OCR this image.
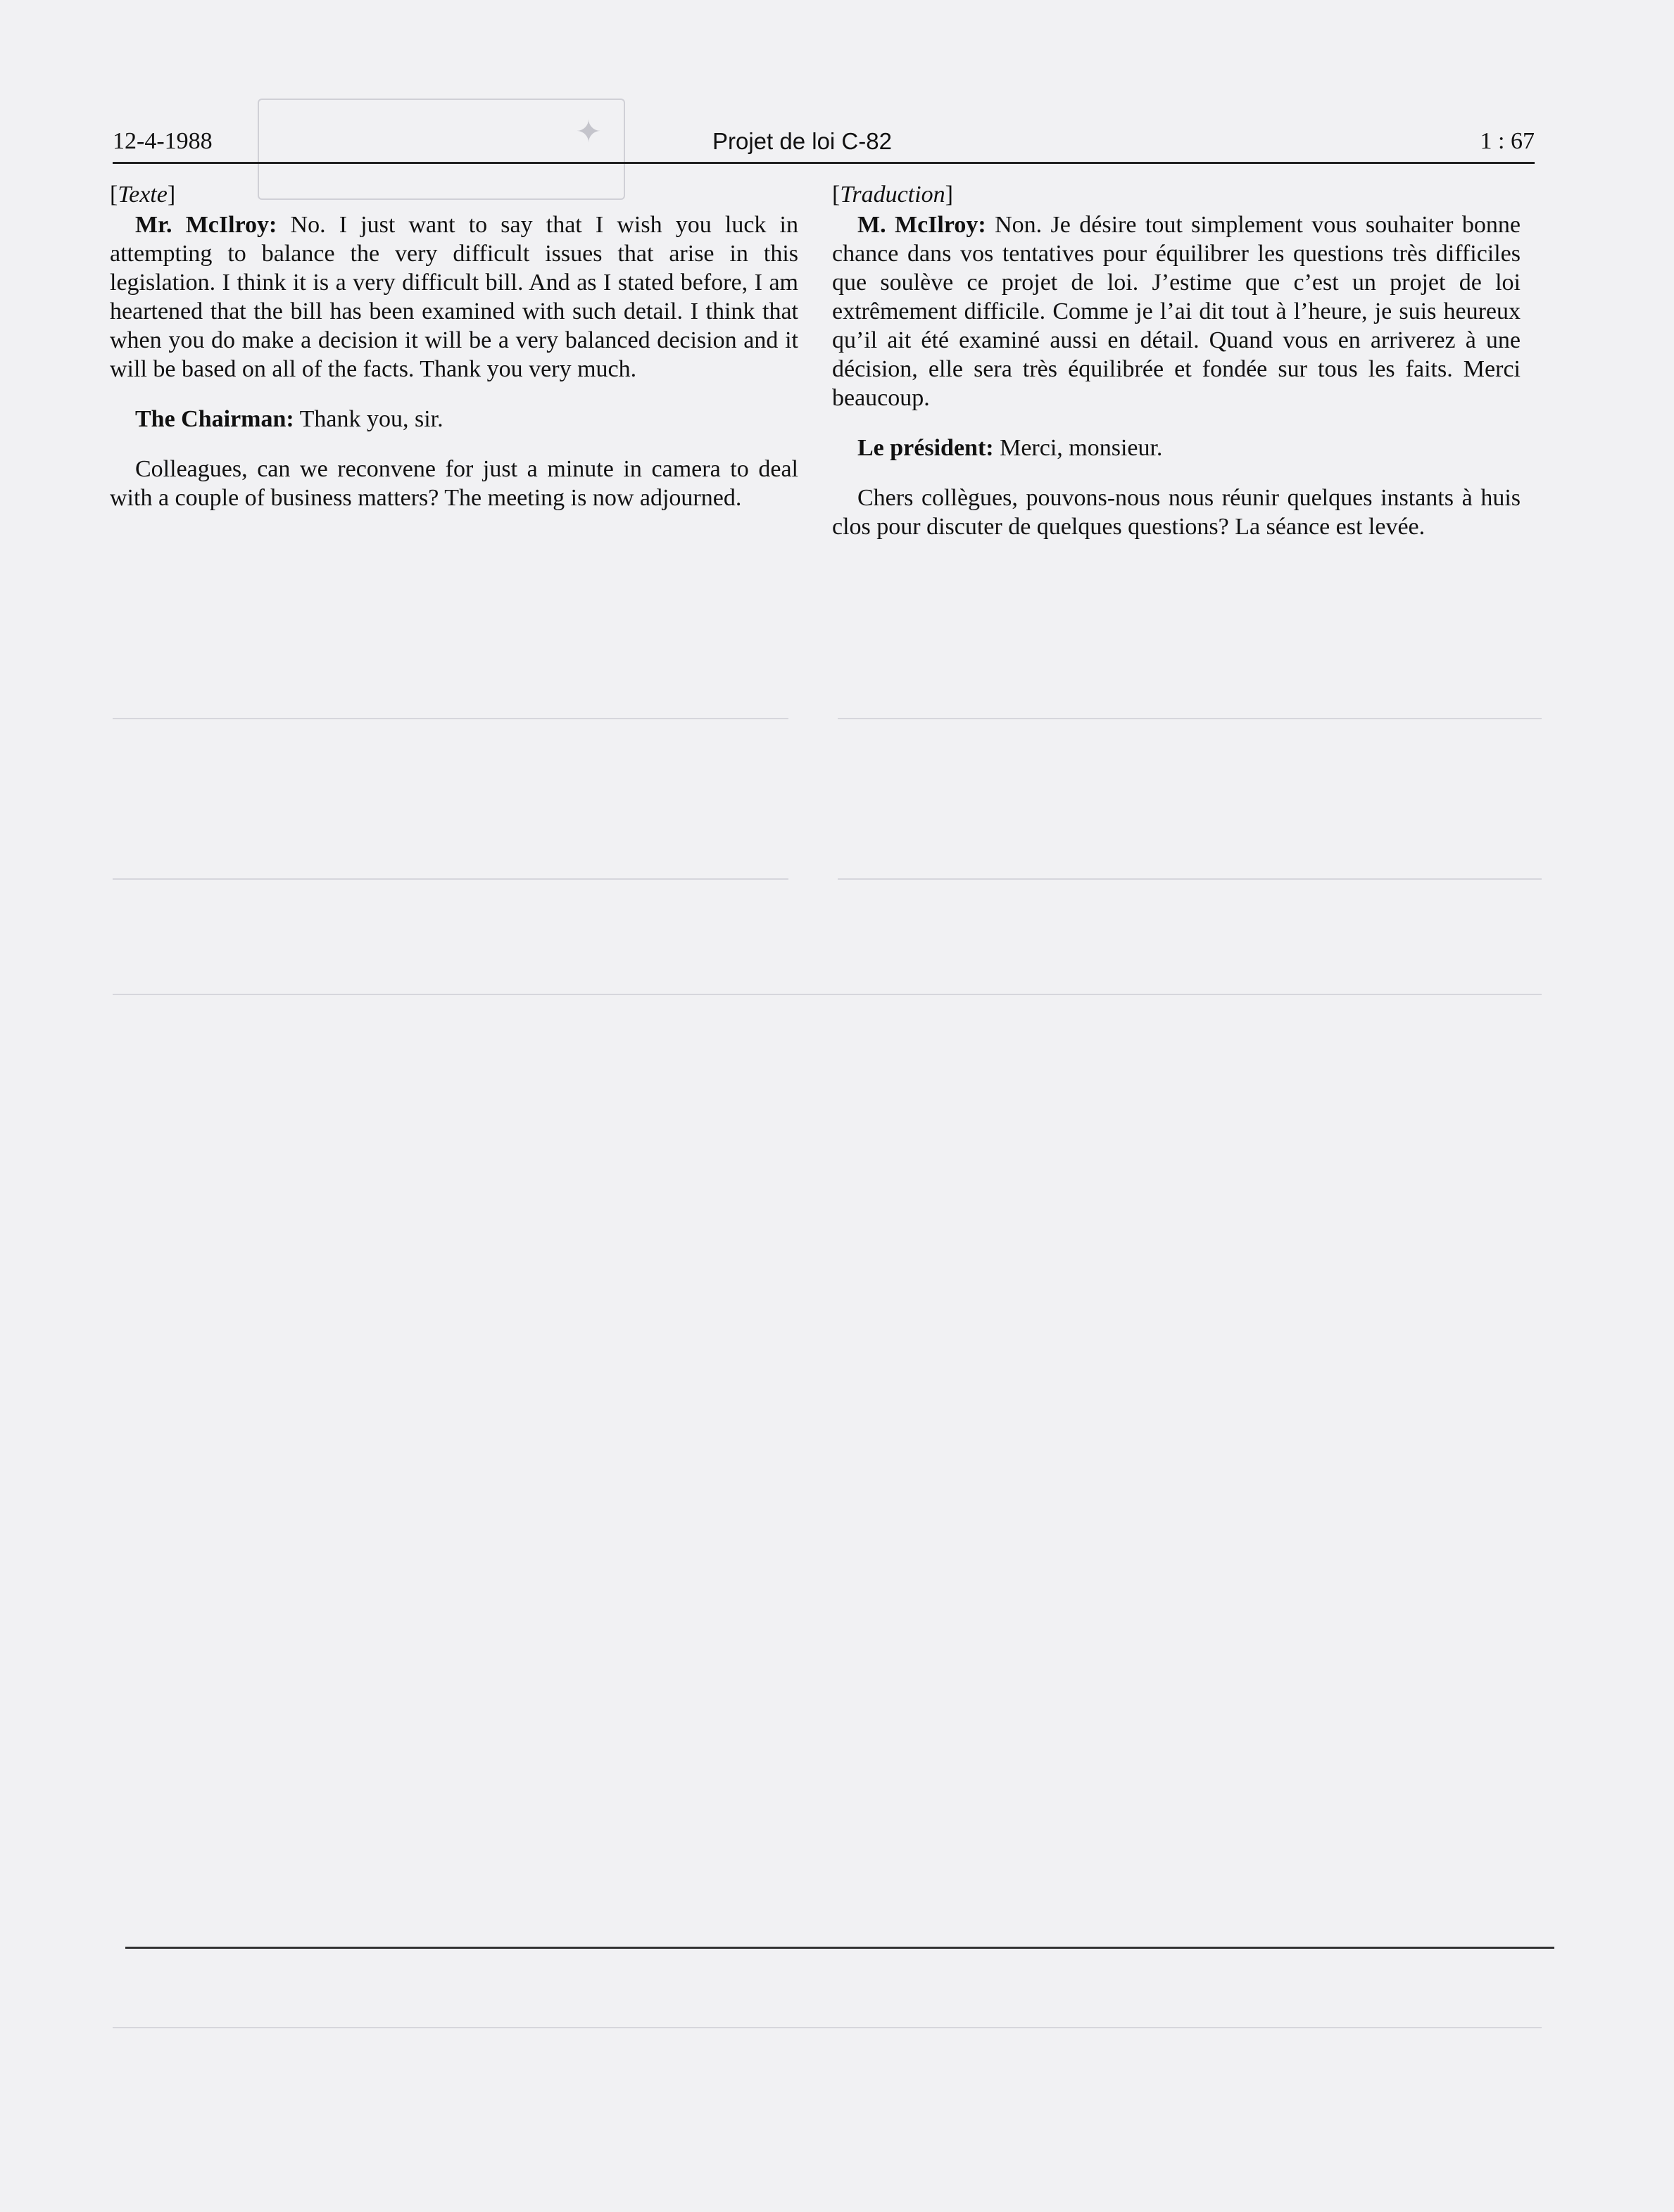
✦
12-4-1988	Projet de loi C-82	1 : 67
[Texte]

Mr. McIlroy: No. I just want to say that I wish you luck in attempting to balance the very difficult issues that arise in this legislation. I think it is a very difficult bill. And as I stated before, I am heartened that the bill has been examined with such detail. I think that when you do make a decision it will be a very balanced decision and it will be based on all of the facts. Thank you very much.

The Chairman: Thank you, sir.

Colleagues, can we reconvene for just a minute in camera to deal with a couple of business matters? The meeting is now adjourned.

[Traduction]

M. McIlroy: Non. Je désire tout simplement vous souhaiter bonne chance dans vos tentatives pour équilibrer les questions très difficiles que soulève ce projet de loi. J’estime que c’est un projet de loi extrêmement difficile. Comme je l’ai dit tout à l’heure, je suis heureux qu’il ait été examiné aussi en détail. Quand vous en arriverez à une décision, elle sera très équilibrée et fondée sur tous les faits. Merci beaucoup.

Le président: Merci, monsieur.

Chers collègues, pouvons-nous nous réunir quelques instants à huis clos pour discuter de quelques questions? La séance est levée.
